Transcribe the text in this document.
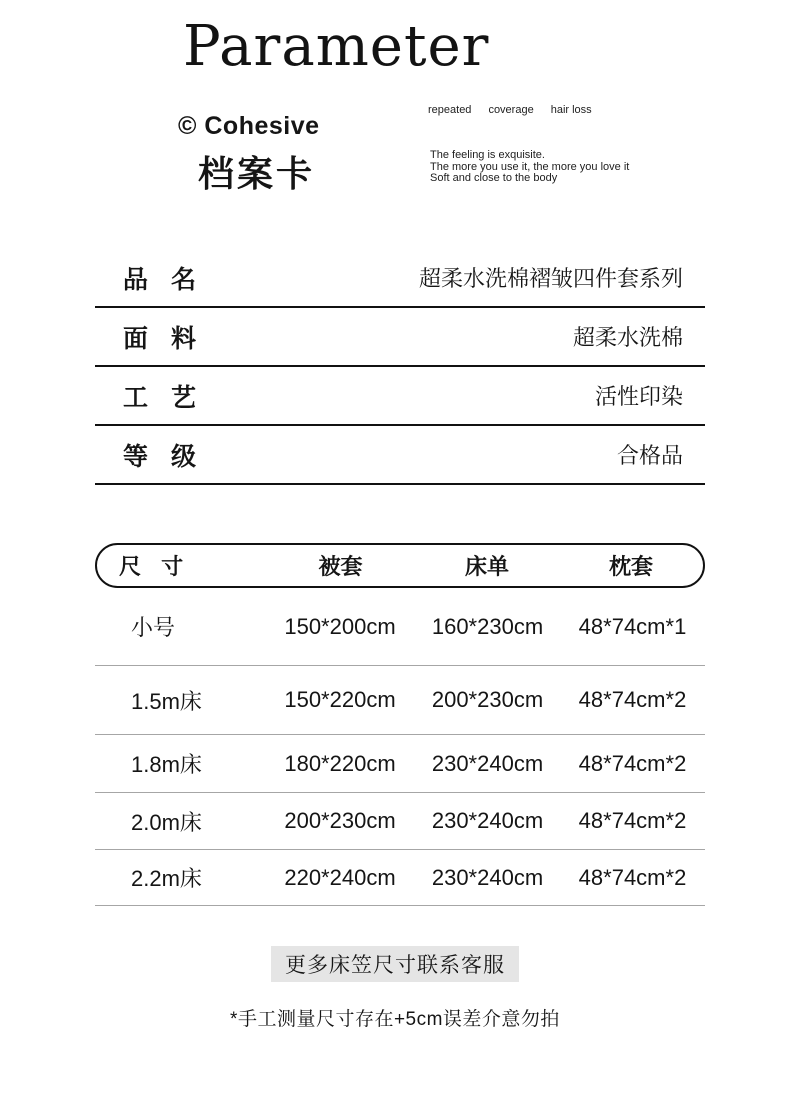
Parameter
© Cohesive
档案卡
repeated coverage hair loss
The feeling is exquisite.
The more you use it, the more you love it
Soft and close to the body
品 名	超柔水洗棉褶皱四件套系列
面 料	超柔水洗棉
工 艺	活性印染
等 级	合格品
尺 寸	被套	床单	枕套
小号	150*200cm	160*230cm	48*74cm*1
1.5m床	150*220cm	200*230cm	48*74cm*2
1.8m床	180*220cm	230*240cm	48*74cm*2
2.0m床	200*230cm	230*240cm	48*74cm*2
2.2m床	220*240cm	230*240cm	48*74cm*2
更多床笠尺寸联系客服
*手工测量尺寸存在+5cm误差介意勿拍
